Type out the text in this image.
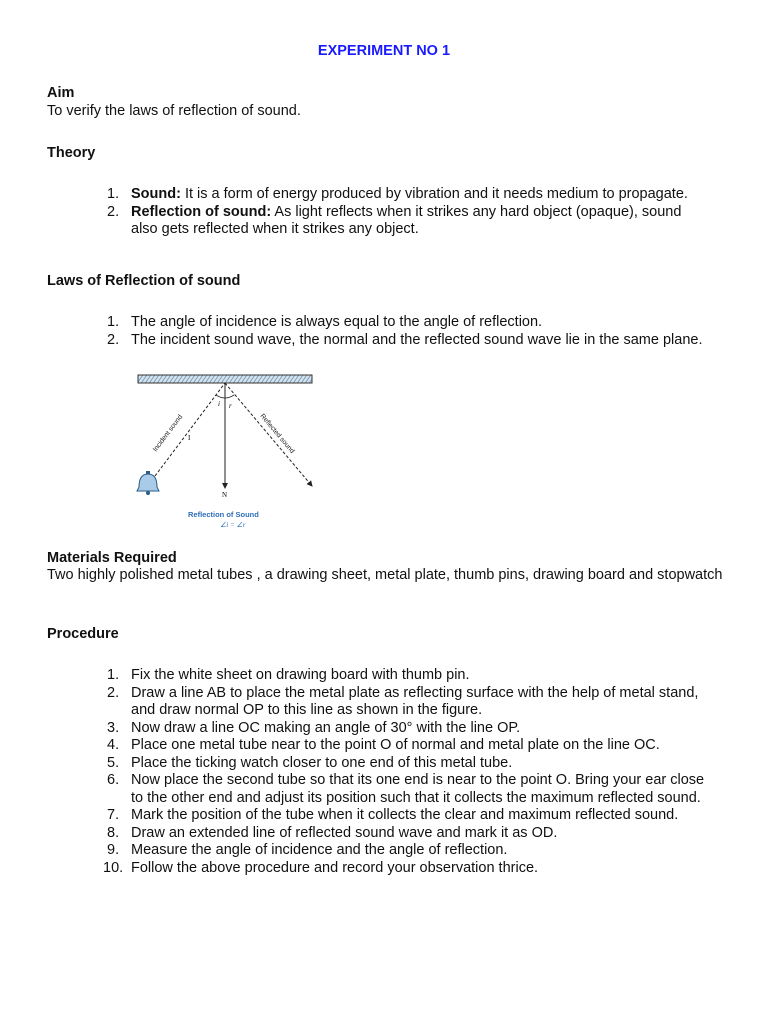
EXPERIMENT NO 1
Aim
To verify the laws of reflection of sound.
Theory
1. Sound: It is a form of energy produced by vibration and it needs medium to propagate.
2. Reflection of sound: As light reflects when it strikes any hard object (opaque), sound also gets reflected when it strikes any object.
Laws of Reflection of sound
1. The angle of incidence is always equal to the angle of reflection.
2. The incident sound wave, the normal and the reflected sound wave lie in the same plane.
i r
I
N
Incident sound	Reflected sound
Reflection of Sound
∠i = ∠r
Materials Required
Two highly polished metal tubes , a drawing sheet, metal plate, thumb pins, drawing board and stopwatch
Procedure
1. Fix the white sheet on drawing board with thumb pin.
2. Draw a line AB to place the metal plate as reflecting surface with the help of metal stand, and draw normal OP to this line as shown in the figure.
3. Now draw a line OC making an angle of 30° with the line OP.
4. Place one metal tube near to the point O of normal and metal plate on the line OC.
5. Place the ticking watch closer to one end of this metal tube.
6. Now place the second tube so that its one end is near to the point O. Bring your ear close to the other end and adjust its position such that it collects the maximum reflected sound.
7. Mark the position of the tube when it collects the clear and maximum reflected sound.
8. Draw an extended line of reflected sound wave and mark it as OD.
9. Measure the angle of incidence and the angle of reflection.
10. Follow the above procedure and record your observation thrice.
